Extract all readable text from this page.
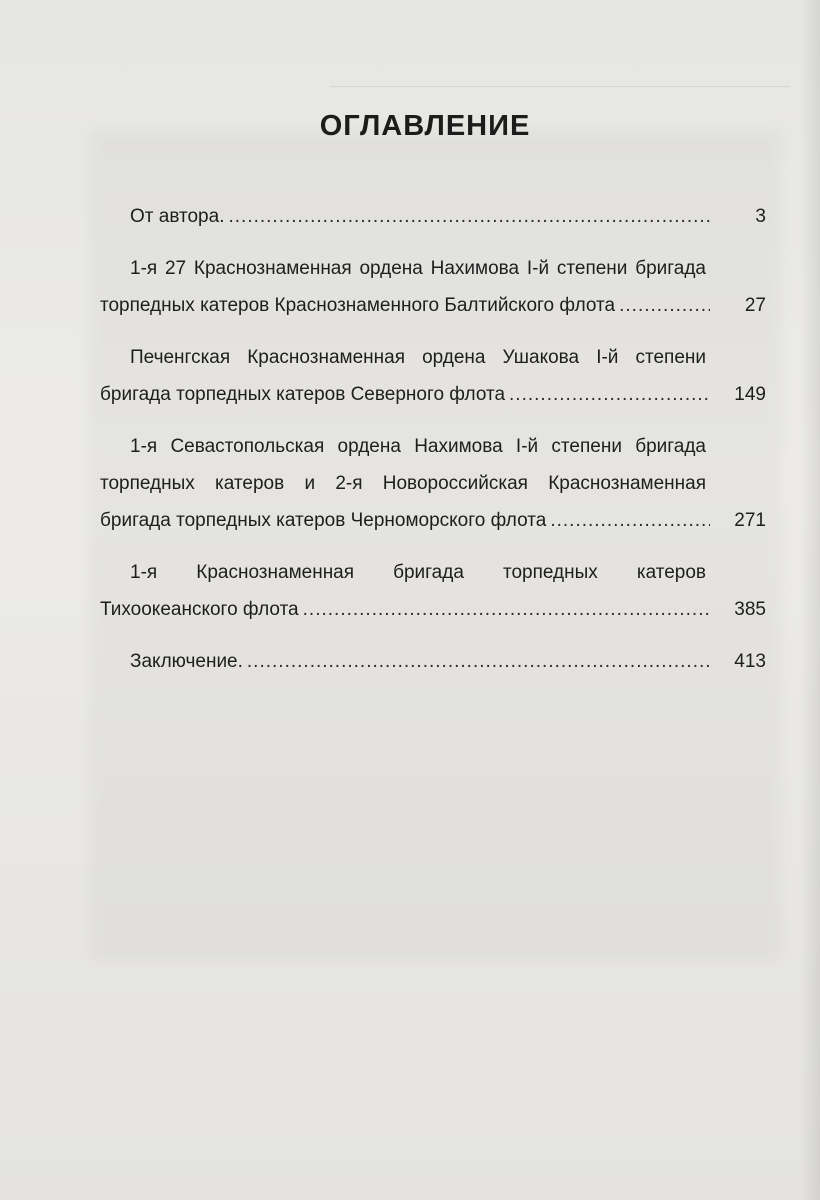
ОГЛАВЛЕНИЕ
От автора. .....	3
1-я 27 Краснознаменная ордена Нахимова I-й степени бригада
торпедных катеров Краснознаменного Балтийского флота .....	27
Печенгская Краснознаменная ордена Ушакова I-й степени
бригада торпедных катеров Северного флота .....	149
1-я Севастопольская ордена Нахимова I-й степени бригада
торпедных катеров и 2-я Новороссийская Краснознаменная
бригада торпедных катеров Черноморского флота .....	271
1-я Краснознаменная бригада торпедных катеров
Тихоокеанского флота .....	385
Заключение. .....	413
